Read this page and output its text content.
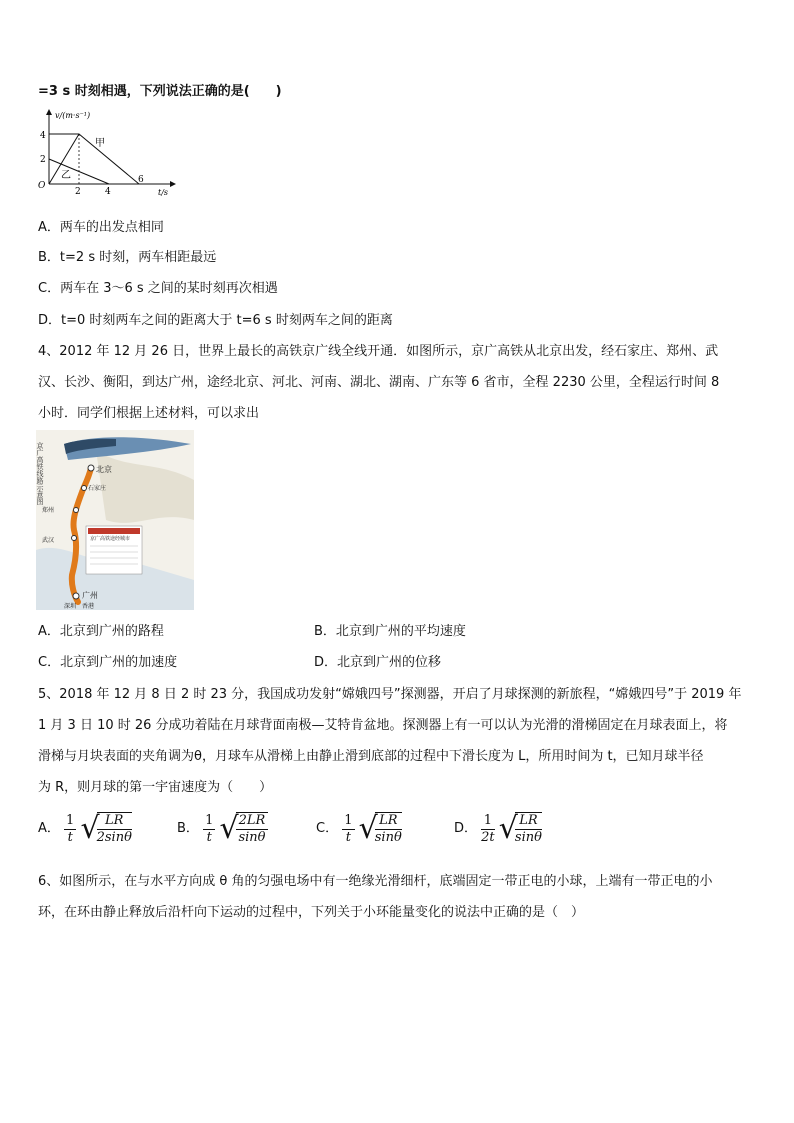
=3 s 时刻相遇，下列说法正确的是(　　)
v/(m·s⁻¹)
t/s
O
4
2
2	4
6
甲
乙
A．两车的出发点相同
B．t=2 s 时刻，两车相距最远
C．两车在 3～6 s 之间的某时刻再次相遇
D．t=0 时刻两车之间的距离大于 t=6 s 时刻两车之间的距离
4、2012 年 12 月 26 日，世界上最长的高铁京广线全线开通．如图所示，京广高铁从北京出发，经石家庄、郑州、武
汉、长沙、衡阳，到达广州，途经北京、河北、河南、湖北、湖南、广东等 6 省市，全程 2230 公里，全程运行时间 8
小时．同学们根据上述材料，可以求出
京广高铁线路示意图	北京
石家庄
郑州
武汉
广州
深圳 香港
京广高铁途经城市
A．北京到广州的路程	B．北京到广州的平均速度
C．北京到广州的加速度	D．北京到广州的位移
5、2018 年 12 月 8 日 2 时 23 分，我国成功发射“嫦娥四号”探测器，开启了月球探测的新旅程，“嫦娥四号”于 2019 年
1 月 3 日 10 时 26 分成功着陆在月球背面南极—艾特肯盆地。探测器上有一可以认为光滑的滑梯固定在月球表面上，将
滑梯与月块表面的夹角调为θ，月球车从滑梯上由静止滑到底部的过程中下滑长度为 L，所用时间为 t，已知月球半径
为 R，则月球的第一宇宙速度为（　　）
A． $\frac{1}{t}$ √
$\frac{LR}{2\sin\theta}$	B． $\frac{1}{t}$ √
$\frac{2LR}{\sin\theta}$	C． $\frac{1}{t}$ √
$\frac{LR}{\sin\theta}$	D． $\frac{1}{2t}$ √
$\frac{LR}{\sin\theta}$
6、如图所示，在与水平方向成 θ 角的匀强电场中有一绝缘光滑细杆，底端固定一带正电的小球，上端有一带正电的小
环，在环由静止释放后沿杆向下运动的过程中，下列关于小环能量变化的说法中正确的是（　）
